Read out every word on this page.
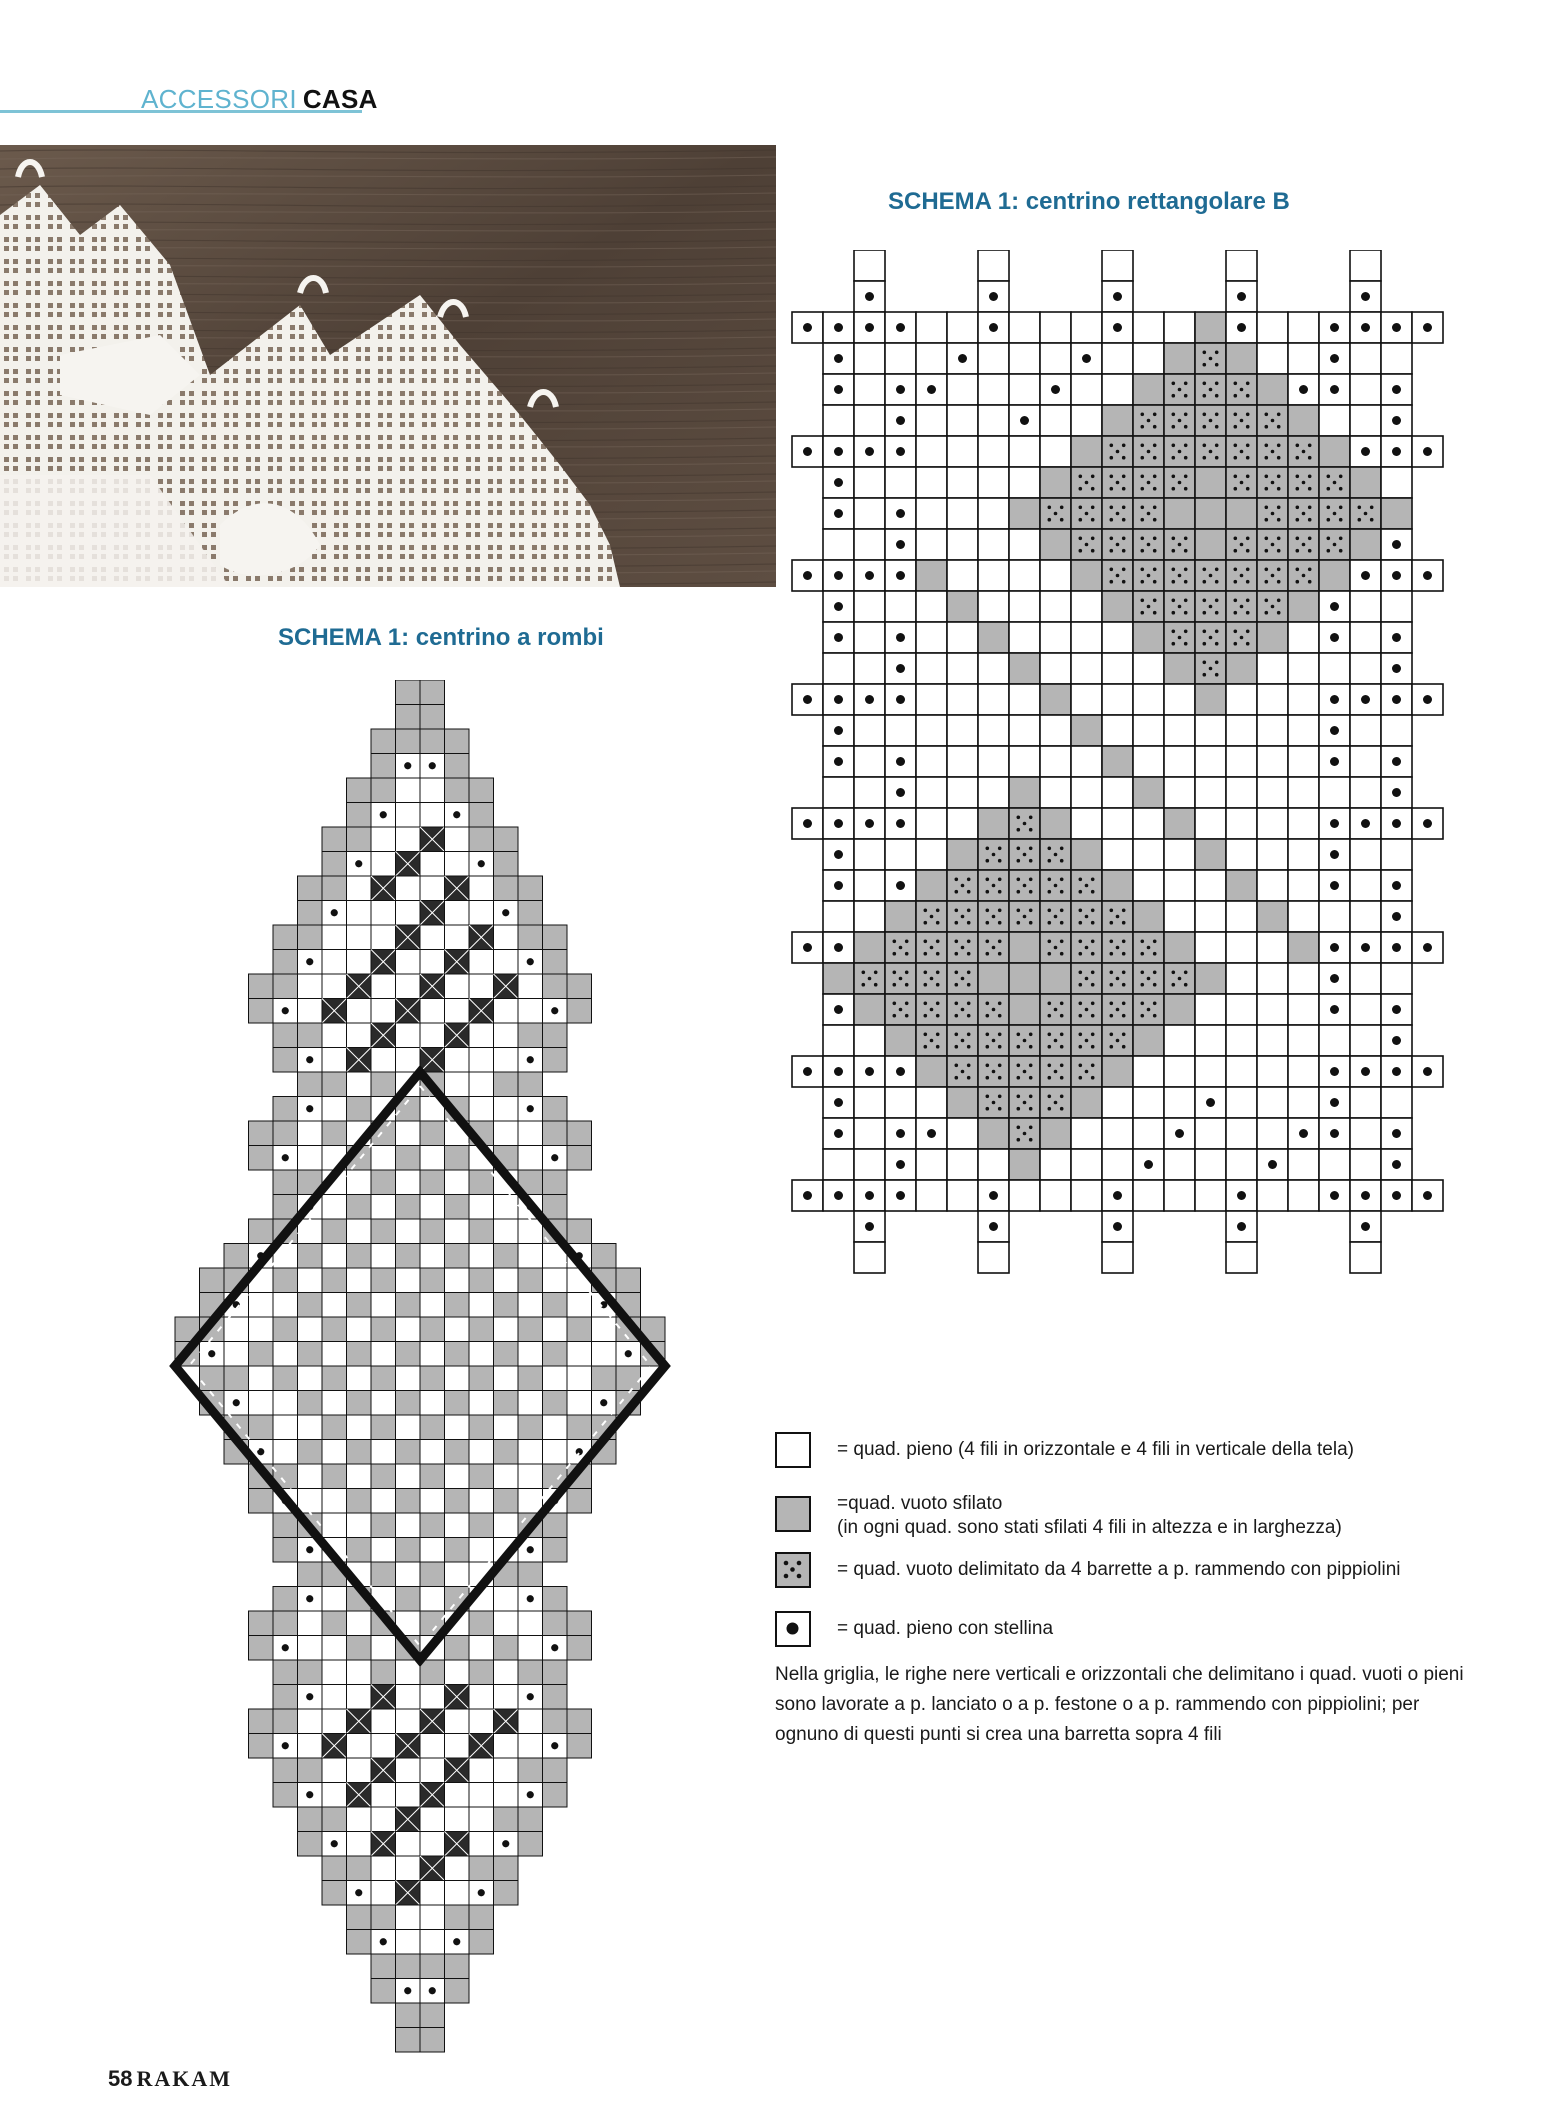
ACCESSORI CASA
SCHEMA 1: centrino rettangolare B
SCHEMA 1: centrino a rombi
= quad. pieno (4 fili in orizzontale e 4 fili in verticale della tela)
=quad. vuoto sfilato
(in ogni quad. sono stati sfilati 4 fili in altezza e in larghezza)
= quad. vuoto delimitato da 4 barrette a p. rammendo con pippiolini
= quad. pieno con stellina
Nella griglia, le righe nere verticali e orizzontali che delimitano i quad. vuoti o pieni sono lavorate a p. lanciato o a p. festone o a p. rammendo con pippiolini; per ognuno di questi punti si crea una barretta sopra 4 fili
58 RAKAM
